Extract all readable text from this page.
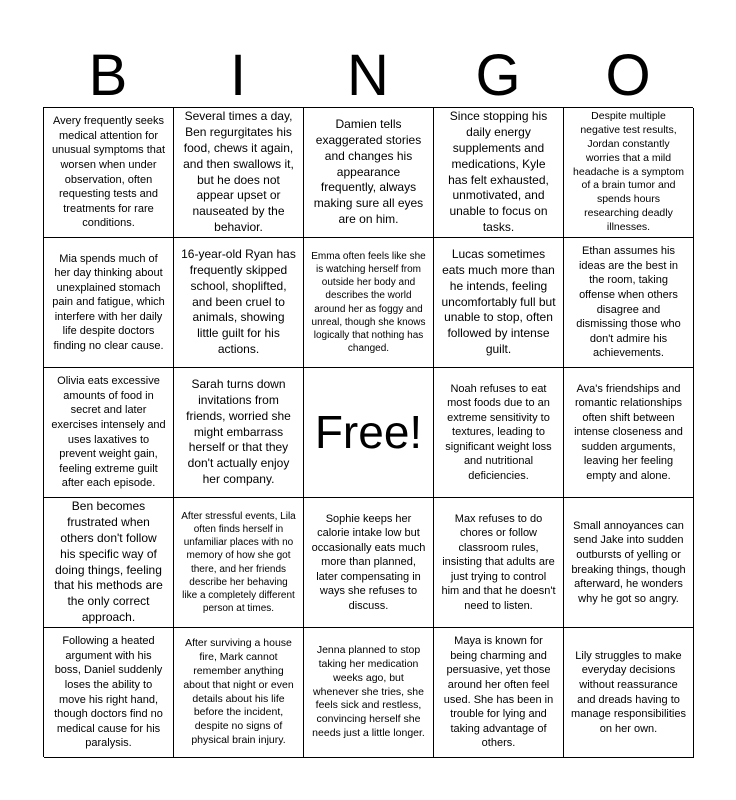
B	I	N	G	O
Avery frequently seeks medical attention for unusual symptoms that worsen when under observation, often requesting tests and treatments for rare conditions.
Several times a day, Ben regurgitates his food, chews it again, and then swallows it, but he does not appear upset or nauseated by the behavior.
Damien tells exaggerated stories and changes his appearance frequently, always making sure all eyes are on him.
Since stopping his daily energy supplements and medications, Kyle has felt exhausted, unmotivated, and unable to focus on tasks.
Despite multiple negative test results, Jordan constantly worries that a mild headache is a symptom of a brain tumor and spends hours researching deadly illnesses.
Mia spends much of her day thinking about unexplained stomach pain and fatigue, which interfere with her daily life despite doctors finding no clear cause.
16-year-old Ryan has frequently skipped school, shoplifted, and been cruel to animals, showing little guilt for his actions.
Emma often feels like she is watching herself from outside her body and describes the world around her as foggy and unreal, though she knows logically that nothing has changed.
Lucas sometimes eats much more than he intends, feeling uncomfortably full but unable to stop, often followed by intense guilt.
Ethan assumes his ideas are the best in the room, taking offense when others disagree and dismissing those who don't admire his achievements.
Olivia eats excessive amounts of food in secret and later exercises intensely and uses laxatives to prevent weight gain, feeling extreme guilt after each episode.
Sarah turns down invitations from friends, worried she might embarrass herself or that they don't actually enjoy her company.
Free!
Noah refuses to eat most foods due to an extreme sensitivity to textures, leading to significant weight loss and nutritional deficiencies.
Ava's friendships and romantic relationships often shift between intense closeness and sudden arguments, leaving her feeling empty and alone.
Ben becomes frustrated when others don't follow his specific way of doing things, feeling that his methods are the only correct approach.
After stressful events, Lila often finds herself in unfamiliar places with no memory of how she got there, and her friends describe her behaving like a completely different person at times.
Sophie keeps her calorie intake low but occasionally eats much more than planned, later compensating in ways she refuses to discuss.
Max refuses to do chores or follow classroom rules, insisting that adults are just trying to control him and that he doesn't need to listen.
Small annoyances can send Jake into sudden outbursts of yelling or breaking things, though afterward, he wonders why he got so angry.
Following a heated argument with his boss, Daniel suddenly loses the ability to move his right hand, though doctors find no medical cause for his paralysis.
After surviving a house fire, Mark cannot remember anything about that night or even details about his life before the incident, despite no signs of physical brain injury.
Jenna planned to stop taking her medication weeks ago, but whenever she tries, she feels sick and restless, convincing herself she needs just a little longer.
Maya is known for being charming and persuasive, yet those around her often feel used. She has been in trouble for lying and taking advantage of others.
Lily struggles to make everyday decisions without reassurance and dreads having to manage responsibilities on her own.
